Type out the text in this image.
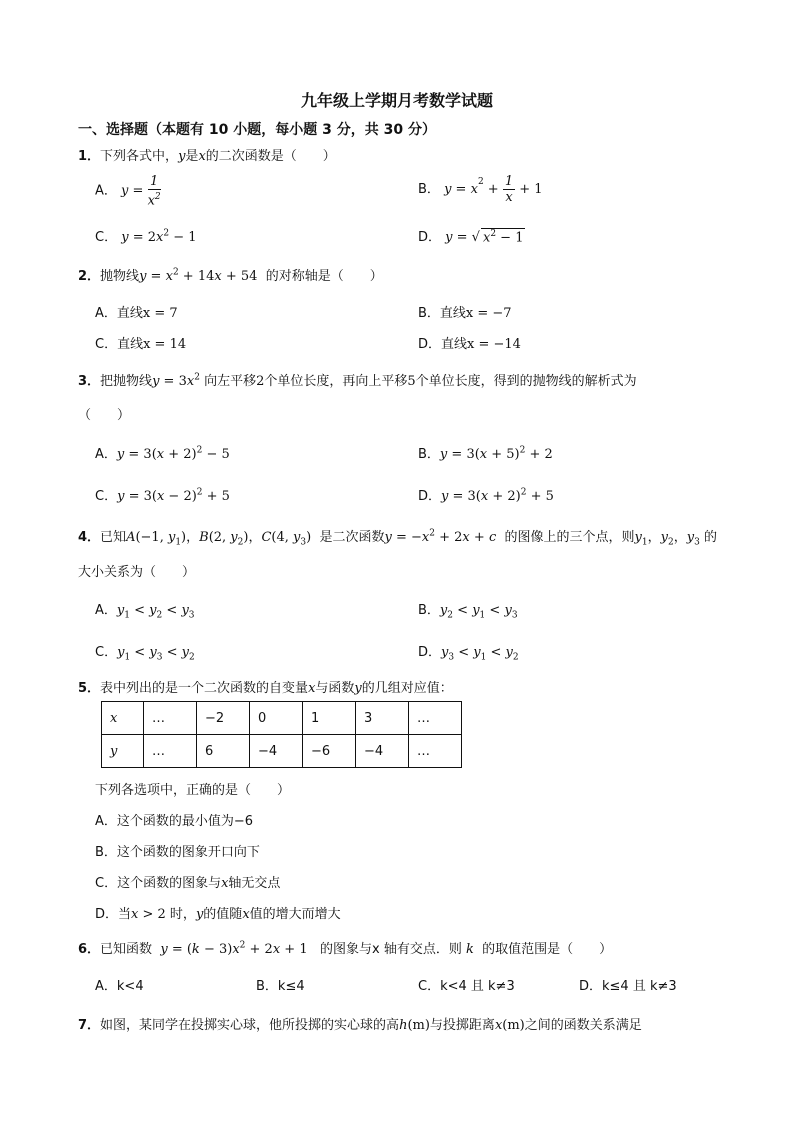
九年级上学期月考数学试题
一、选择题（本题有 10 小题，每小题 3 分，共 30 分）
1．下列各式中，y是x的二次函数是（　　）
A． $y = \frac{1}{x^2}$	B． $y = x^2 + \frac{1}{x} + 1$
C． $y = 2x^2 - 1$	D． y = √ $x^2 - 1$
2．抛物线$y = x^2 + 14x + 54$ 的对称轴是（　　）
A．直线x = 7	B．直线x = −7
C．直线x = 14	D．直线x = −14
3．把抛物线$y = 3x^2$ 向左平移2个单位长度，再向上平移5个单位长度，得到的抛物线的解析式为
（　　）
A．$y = 3(x + 2)^2 - 5$	B．$y = 3(x + 5)^2 + 2$
C．$y = 3(x - 2)^2 + 5$	D．$y = 3(x + 2)^2 + 5$
4．已知A(−1, $y_1$)，B(2, $y_2$)，C(4, $y_3$) 是二次函数$y = -x^2 + 2x + c$ 的图像上的三个点，则$y_1$，$y_2$，$y_3$ 的
大小关系为（　　）
A．$y_1 < y_2 < y_3$	B．$y_2 < y_1 < y_3$
C．$y_1 < y_3 < y_2$	D．$y_3 < y_1 < y_2$
5．表中列出的是一个二次函数的自变量x与函数y的几组对应值：
x	…	−2	0	1	3	…
y	…	6	−4	−6	−4	…
下列各选项中，正确的是（　　）
A．这个函数的最小值为−6
B．这个函数的图象开口向下
C．这个函数的图象与x轴无交点
D．当x > 2 时，y的值随x值的增大而增大
6．已知函数 $y = (k - 3)x^2 + 2x + 1$ 的图象与x 轴有交点．则 k 的取值范围是（　　）
A．k<4	B．k≤4	C．k<4 且 k≠3	D．k≤4 且 k≠3
7．如图，某同学在投掷实心球，他所投掷的实心球的高h(m)与投掷距离x(m)之间的函数关系满足
